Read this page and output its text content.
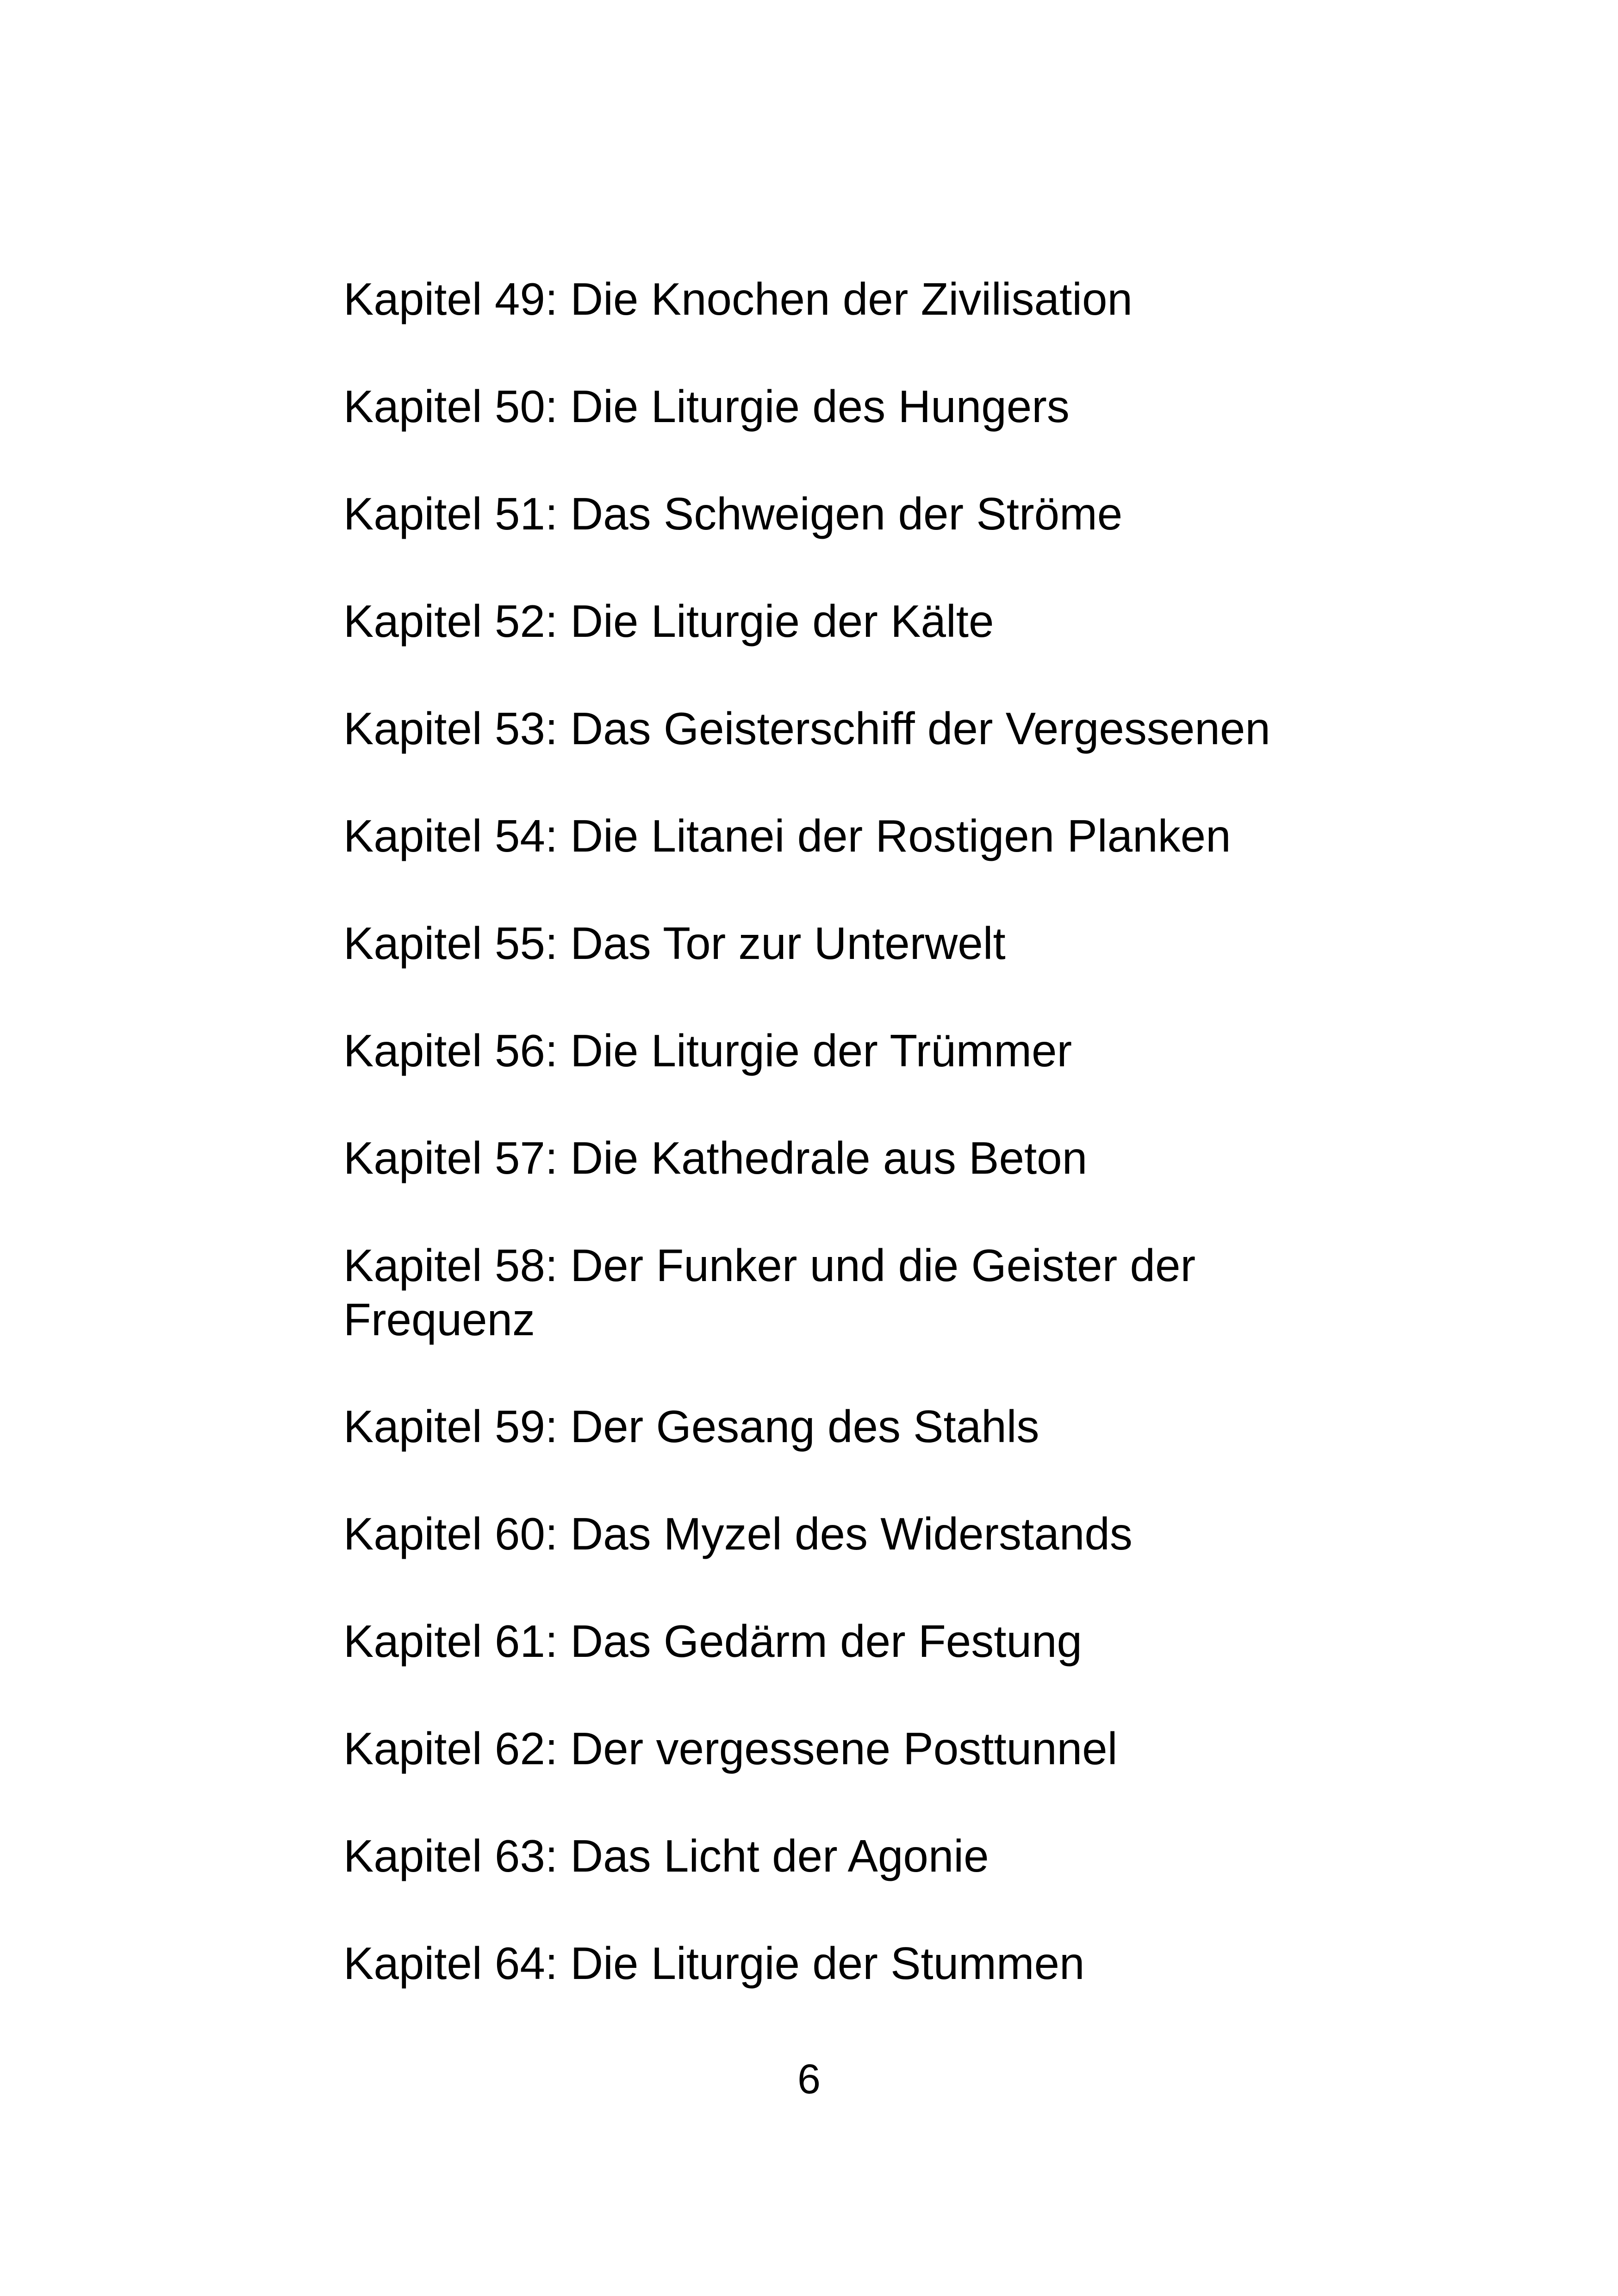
Kapitel 49: Die Knochen der Zivilisation

Kapitel 50: Die Liturgie des Hungers

Kapitel 51: Das Schweigen der Ströme

Kapitel 52: Die Liturgie der Kälte

Kapitel 53: Das Geisterschiff der Vergessenen

Kapitel 54: Die Litanei der Rostigen Planken

Kapitel 55: Das Tor zur Unterwelt

Kapitel 56: Die Liturgie der Trümmer

Kapitel 57: Die Kathedrale aus Beton

Kapitel 58: Der Funker und die Geister der Frequenz

Kapitel 59: Der Gesang des Stahls

Kapitel 60: Das Myzel des Widerstands

Kapitel 61: Das Gedärm der Festung

Kapitel 62: Der vergessene Posttunnel

Kapitel 63: Das Licht der Agonie

Kapitel 64: Die Liturgie der Stummen

6
